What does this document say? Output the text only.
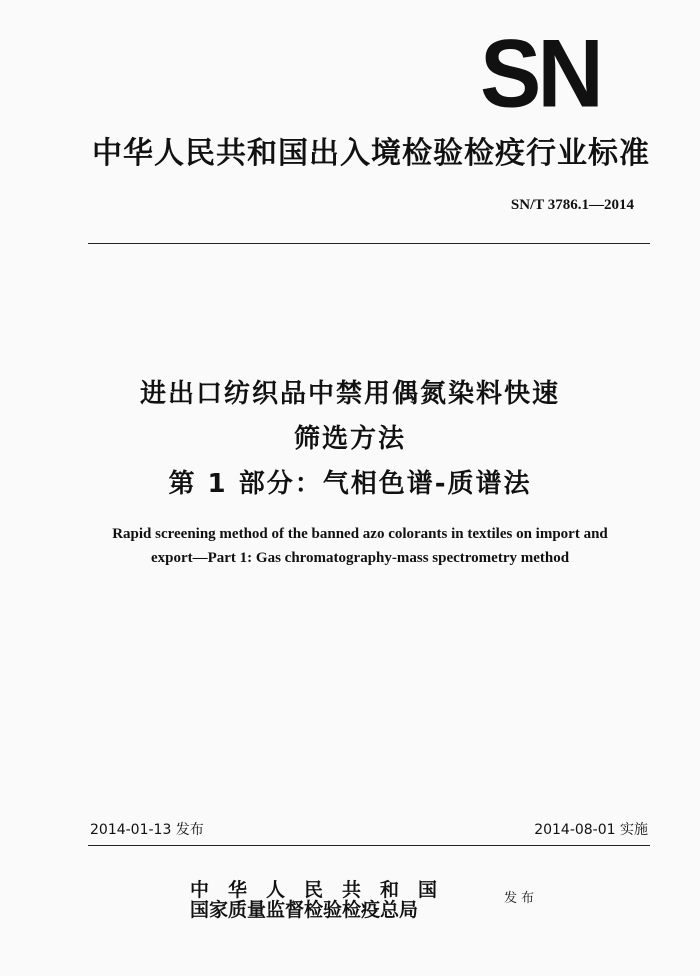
SN
中华人民共和国出入境检验检疫行业标准
SN/T 3786.1—2014
进出口纺织品中禁用偶氮染料快速
筛选方法
第 1 部分：气相色谱-质谱法
Rapid screening method of the banned azo colorants in textiles on import and
export—Part 1: Gas chromatography-mass spectrometry method
2014-01-13 发布	2014-08-01 实施
中华人民共和国
国家质量监督检验检疫总局
发布
